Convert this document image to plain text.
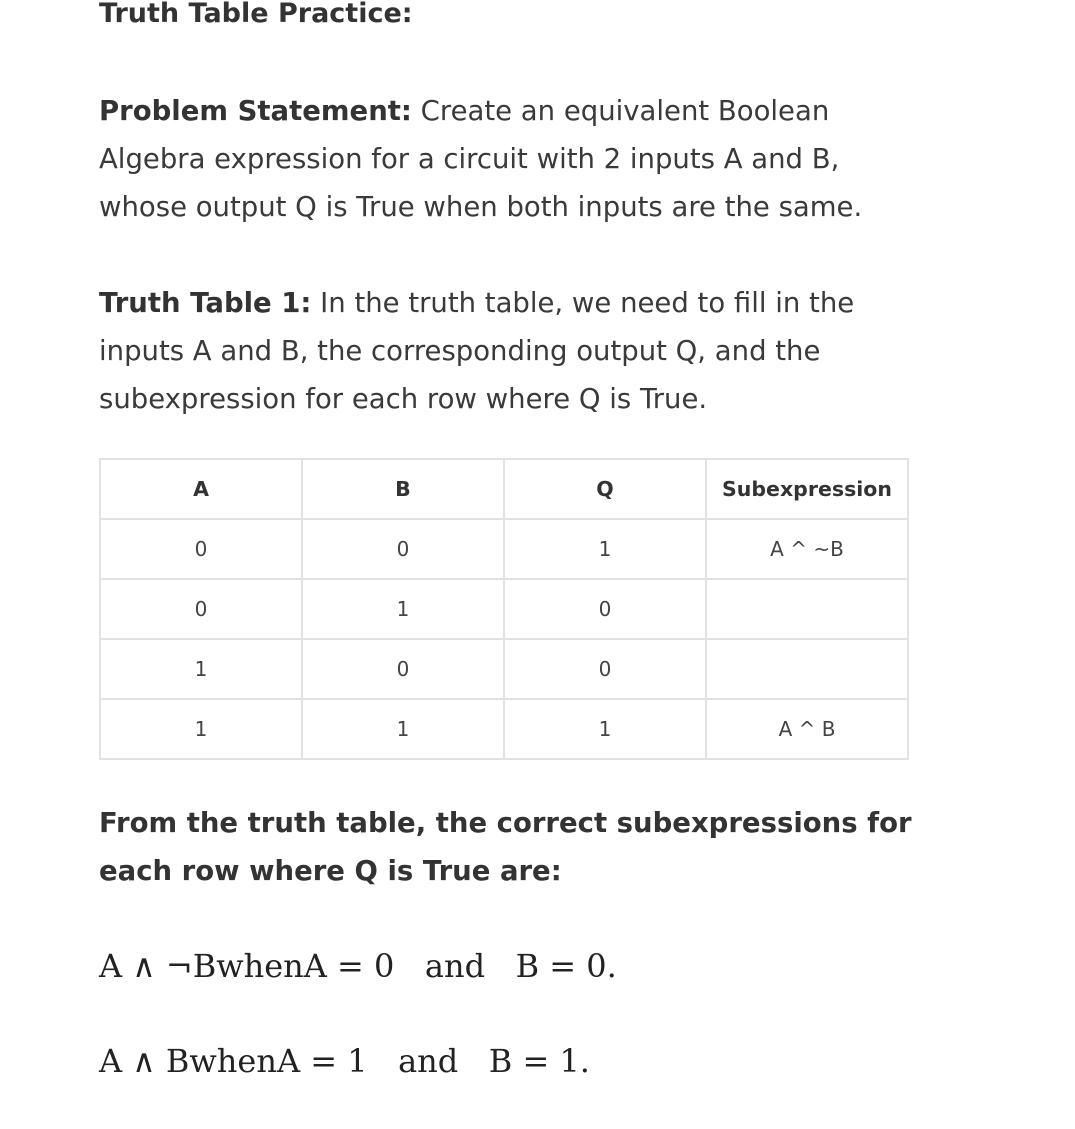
Truth Table Practice:

Problem Statement: Create an equivalent Boolean Algebra expression for a circuit with 2 inputs A and B, whose output Q is True when both inputs are the same.

Truth Table 1: In the truth table, we need to fill in the inputs A and B, the corresponding output Q, and the subexpression for each row where Q is True.

A	B	Q	Subexpression
0	0	1	A ^ ~B
0	1	0	
1	0	0	
1	1	1	A ^ B

From the truth table, the correct subexpressions for each row where Q is True are:

A ∧ ¬BwhenA = 0   and   B = 0.
A ∧ BwhenA = 1   and   B = 1.
